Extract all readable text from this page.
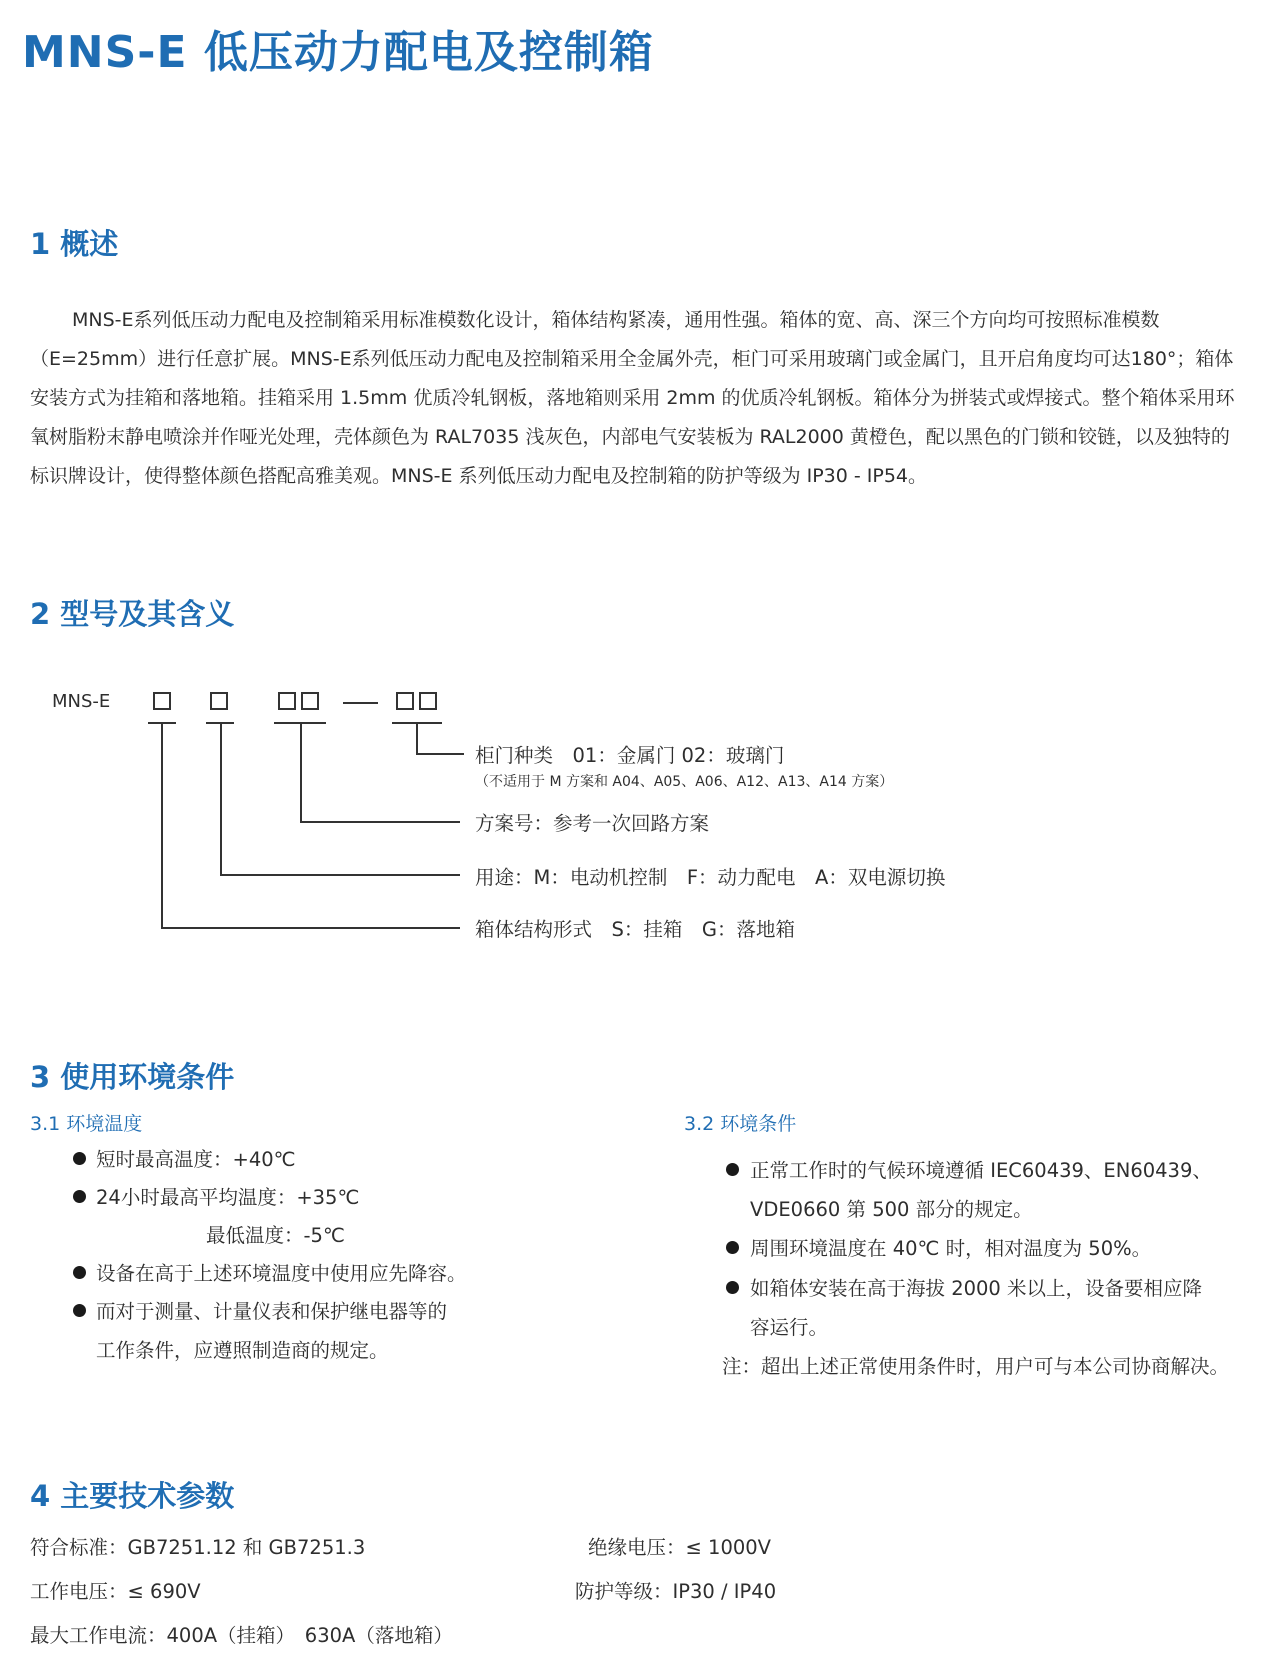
MNS-E 低压动力配电及控制箱
1 概述

MNS-E系列低压动力配电及控制箱采用标准模数化设计，箱体结构紧凑，通用性强。箱体的宽、高、深三个方向均可按照标准模数（E=25mm）进行任意扩展。MNS-E系列低压动力配电及控制箱采用全金属外壳，柜门可采用玻璃门或金属门，且开启角度均可达180°；箱体安装方式为挂箱和落地箱。挂箱采用 1.5mm 优质冷轧钢板，落地箱则采用 2mm 的优质冷轧钢板。箱体分为拼装式或焊接式。整个箱体采用环氧树脂粉末静电喷涂并作哑光处理，壳体颜色为 RAL7035 浅灰色，内部电气安装板为 RAL2000 黄橙色，配以黑色的门锁和铰链，以及独特的标识牌设计，使得整体颜色搭配高雅美观。MNS-E 系列低压动力配电及控制箱的防护等级为 IP30 - IP54。

2 型号及其含义
MNS-E
柜门种类　01：金属门 02：玻璃门
（不适用于 M 方案和 A04、A05、A06、A12、A13、A14 方案）
方案号：参考一次回路方案
用途：M：电动机控制　F：动力配电　A：双电源切换
箱体结构形式　S：挂箱　G：落地箱
3 使用环境条件
3.1 环境温度
短时最高温度：+40℃
24小时最高平均温度：+35℃
最低温度：-5℃
设备在高于上述环境温度中使用应先降容。
而对于测量、计量仪表和保护继电器等的
工作条件，应遵照制造商的规定。
3.2 环境条件
正常工作时的气候环境遵循 IEC60439、EN60439、
VDE0660 第 500 部分的规定。
周围环境温度在 40℃ 时，相对温度为 50%。
如箱体安装在高于海拔 2000 米以上，设备要相应降
容运行。
注：超出上述正常使用条件时，用户可与本公司协商解决。
4 主要技术参数
符合标准：GB7251.12 和 GB7251.3	绝缘电压：≤ 1000V
工作电压：≤ 690V	防护等级：IP30 / IP40
最大工作电流：400A（挂箱）　630A（落地箱）
